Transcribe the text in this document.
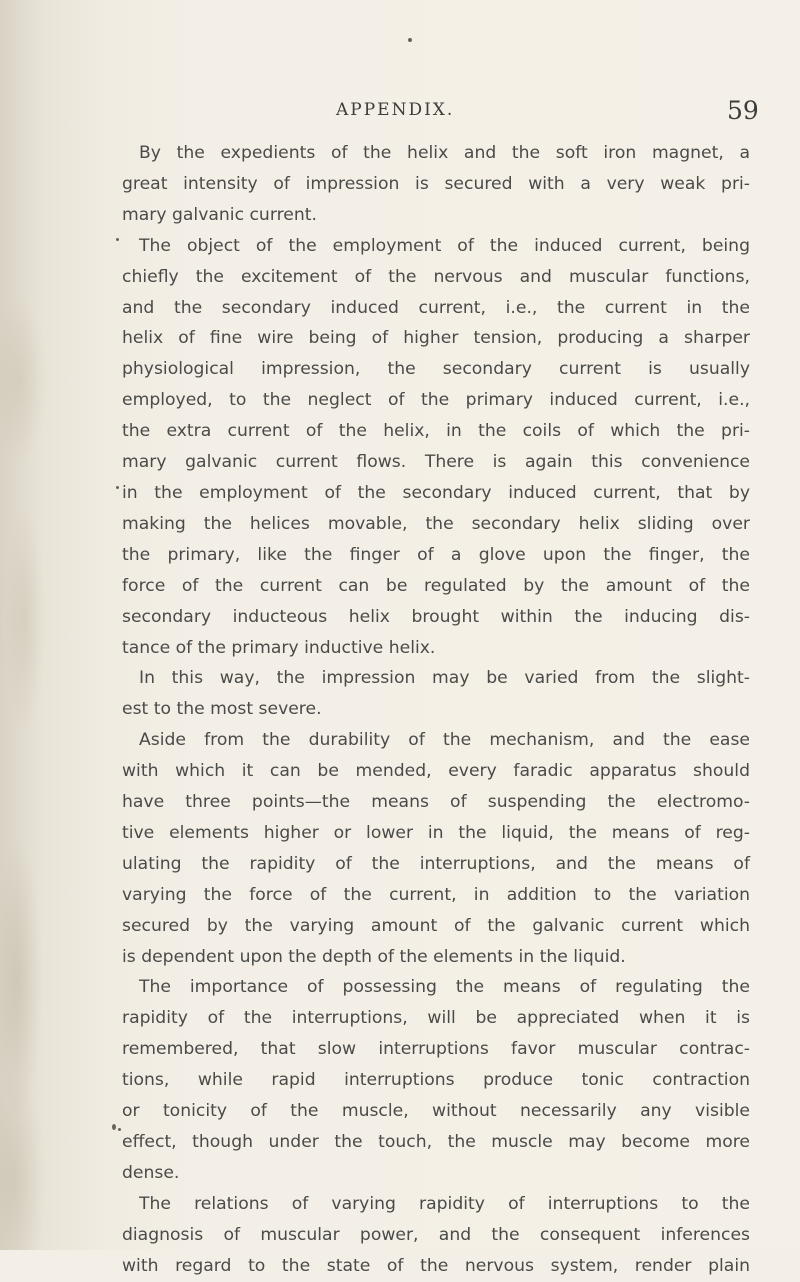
APPENDIX.	59
By the expedients of the helix and the soft iron magnet, a
great intensity of impression is secured with a very weak pri-
mary galvanic current.
The object of the employment of the induced current, being
chiefly the excitement of the nervous and muscular functions,
and the secondary induced current, i.e., the current in the
helix of fine wire being of higher tension, producing a sharper
physiological impression, the secondary current is usually
employed, to the neglect of the primary induced current, i.e.,
the extra current of the helix, in the coils of which the pri-
mary galvanic current flows. There is again this convenience
in the employment of the secondary induced current, that by
making the helices movable, the secondary helix sliding over
the primary, like the finger of a glove upon the finger, the
force of the current can be regulated by the amount of the
secondary inducteous helix brought within the inducing dis-
tance of the primary inductive helix.
In this way, the impression may be varied from the slight-
est to the most severe.
Aside from the durability of the mechanism, and the ease
with which it can be mended, every faradic apparatus should
have three points—the means of suspending the electromo-
tive elements higher or lower in the liquid, the means of reg-
ulating the rapidity of the interruptions, and the means of
varying the force of the current, in addition to the variation
secured by the varying amount of the galvanic current which
is dependent upon the depth of the elements in the liquid.
The importance of possessing the means of regulating the
rapidity of the interruptions, will be appreciated when it is
remembered, that slow interruptions favor muscular contrac-
tions, while rapid interruptions produce tonic contraction
or tonicity of the muscle, without necessarily any visible
effect, though under the touch, the muscle may become more
dense.
The relations of varying rapidity of interruptions to the
diagnosis of muscular power, and the consequent inferences
with regard to the state of the nervous system, render plain
